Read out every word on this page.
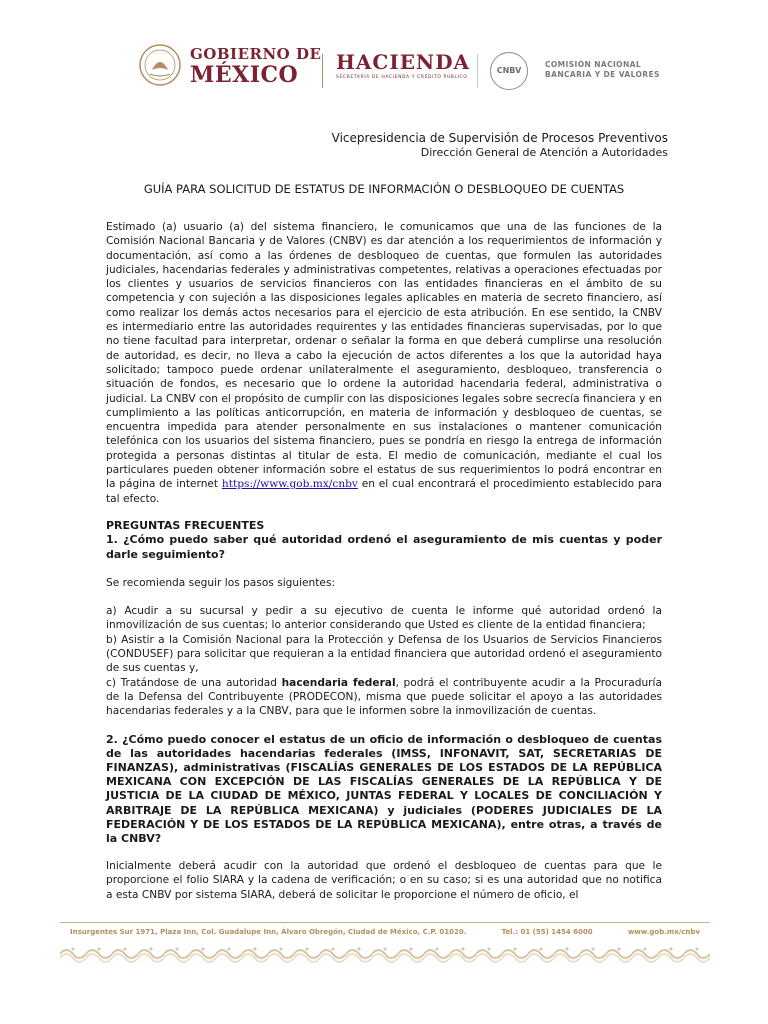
GOBIERNO DE
MÉXICO	HACIENDA
SECRETARÍA DE HACIENDA Y CRÉDITO PÚBLICO
CNBV
COMISIÓN NACIONAL
BANCARIA Y DE VALORES
Vicepresidencia de Supervisión de Procesos Preventivos
Dirección General de Atención a Autoridades
GUÍA PARA SOLICITUD DE ESTATUS DE INFORMACIÓN O DESBLOQUEO DE CUENTAS

Estimado (a) usuario (a) del sistema financiero, le comunicamos que una de las funciones de la Comisión Nacional Bancaria y de Valores (CNBV) es dar atención a los requerimientos de información y documentación, así como a las órdenes de desbloqueo de cuentas, que formulen las autoridades judiciales, hacendarias federales y administrativas competentes, relativas a operaciones efectuadas por los clientes y usuarios de servicios financieros con las entidades financieras en el ámbito de su competencia y con sujeción a las disposiciones legales aplicables en materia de secreto financiero, así como realizar los demás actos necesarios para el ejercicio de esta atribución. En ese sentido, la CNBV es intermediario entre las autoridades requirentes y las entidades financieras supervisadas, por lo que no tiene facultad para interpretar, ordenar o señalar la forma en que deberá cumplirse una resolución de autoridad, es decir, no lleva a cabo la ejecución de actos diferentes a los que la autoridad haya solicitado; tampoco puede ordenar unilateralmente el aseguramiento, desbloqueo, transferencia o situación de fondos, es necesario que lo ordene la autoridad hacendaria federal, administrativa o judicial. La CNBV con el propósito de cumplir con las disposiciones legales sobre secrecía financiera y en cumplimiento a las políticas anticorrupción, en materia de información y desbloqueo de cuentas, se encuentra impedida para atender personalmente en sus instalaciones o mantener comunicación telefónica con los usuarios del sistema financiero, pues se pondría en riesgo la entrega de información protegida a personas distintas al titular de esta. El medio de comunicación, mediante el cual los particulares pueden obtener información sobre el estatus de sus requerimientos lo podrá encontrar en la página de internet https://www.gob.mx/cnbv en el cual encontrará el procedimiento establecido para tal efecto.

PREGUNTAS FRECUENTES

1. ¿Cómo puedo saber qué autoridad ordenó el aseguramiento de mis cuentas y poder darle seguimiento?

Se recomienda seguir los pasos siguientes:

a) Acudir a su sucursal y pedir a su ejecutivo de cuenta le informe qué autoridad ordenó la inmovilización de sus cuentas; lo anterior considerando que Usted es cliente de la entidad financiera;

b) Asistir a la Comisión Nacional para la Protección y Defensa de los Usuarios de Servicios Financieros (CONDUSEF) para solicitar que requieran a la entidad financiera que autoridad ordenó el aseguramiento de sus cuentas y,

c) Tratándose de una autoridad hacendaria federal, podrá el contribuyente acudir a la Procuraduría de la Defensa del Contribuyente (PRODECON), misma que puede solicitar el apoyo a las autoridades hacendarias federales y a la CNBV, para que le informen sobre la inmovilización de cuentas.

2. ¿Cómo puedo conocer el estatus de un oficio de información o desbloqueo de cuentas de las autoridades hacendarias federales (IMSS, INFONAVIT, SAT, SECRETARIAS DE FINANZAS), administrativas (FISCALÍAS GENERALES DE LOS ESTADOS DE LA REPÚBLICA MEXICANA CON EXCEPCIÓN DE LAS FISCALÍAS GENERALES DE LA REPÚBLICA Y DE JUSTICIA DE LA CIUDAD DE MÉXICO, JUNTAS FEDERAL Y LOCALES DE CONCILIACIÓN Y ARBITRAJE DE LA REPÚBLICA MEXICANA) y judiciales (PODERES JUDICIALES DE LA FEDERACIÓN Y DE LOS ESTADOS DE LA REPÚBLICA MEXICANA), entre otras, a través de la CNBV?

Inicialmente deberá acudir con la autoridad que ordenó el desbloqueo de cuentas para que le proporcione el folio SIARA y la cadena de verificación; o en su caso; si es una autoridad que no notifica a esta CNBV por sistema SIARA, deberá de solicitar le proporcione el número de oficio, el

Insurgentes Sur 1971, Plaza Inn, Col. Guadalupe Inn, Álvaro Obregón, Ciudad de México, C.P. 01020.	Tel.: 01 (55) 1454 6000	www.gob.mx/cnbv
